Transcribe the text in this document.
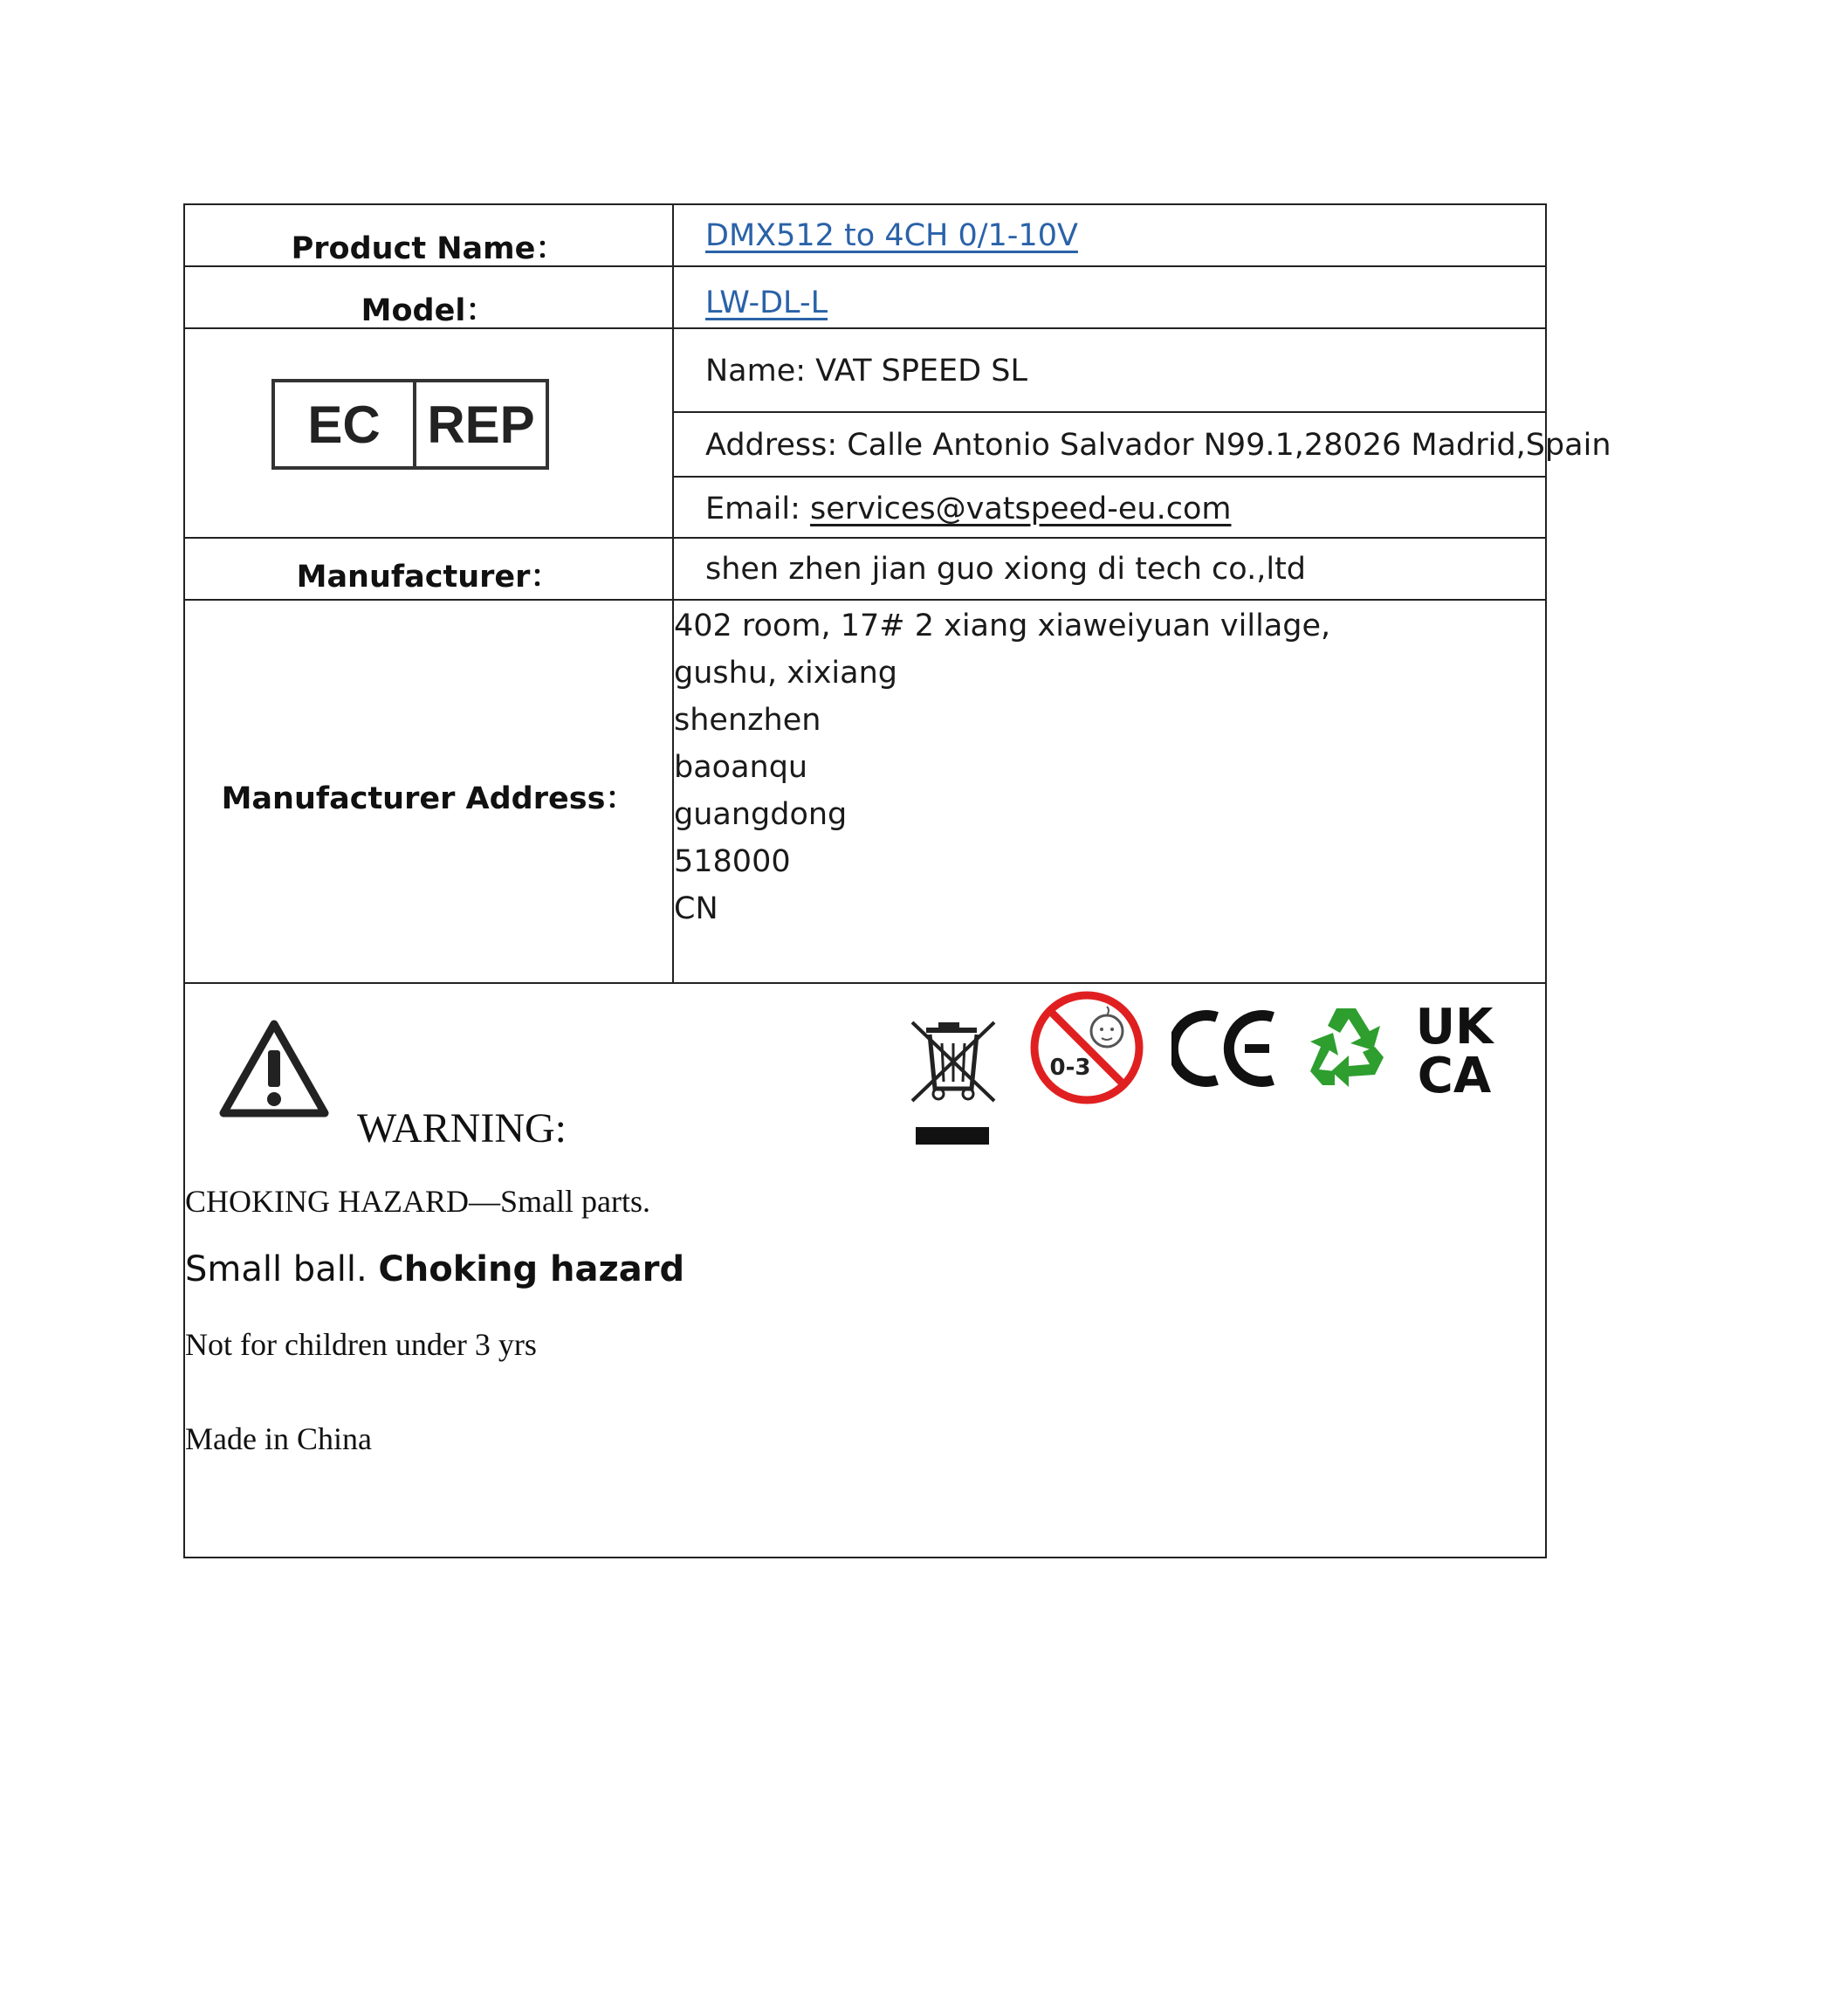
Product Name：	DMX512 to 4CH 0/1-10V
Model：	LW-DL-L
EC REP
Name: VAT SPEED SL
Address: Calle Antonio Salvador N99.1,28026 Madrid,Spain
Email: services@vatspeed-eu.com
Manufacturer：	shen zhen jian guo xiong di tech co.,ltd
Manufacturer Address：
402 room, 17# 2 xiang xiaweiyuan village,
gushu, xixiang
shenzhen
baoanqu
guangdong
518000
CN
WARNING:
CHOKING HAZARD—Small parts.
Small ball. Choking hazard
Not for children under 3 yrs
Made in China
0-3
UK
CA
